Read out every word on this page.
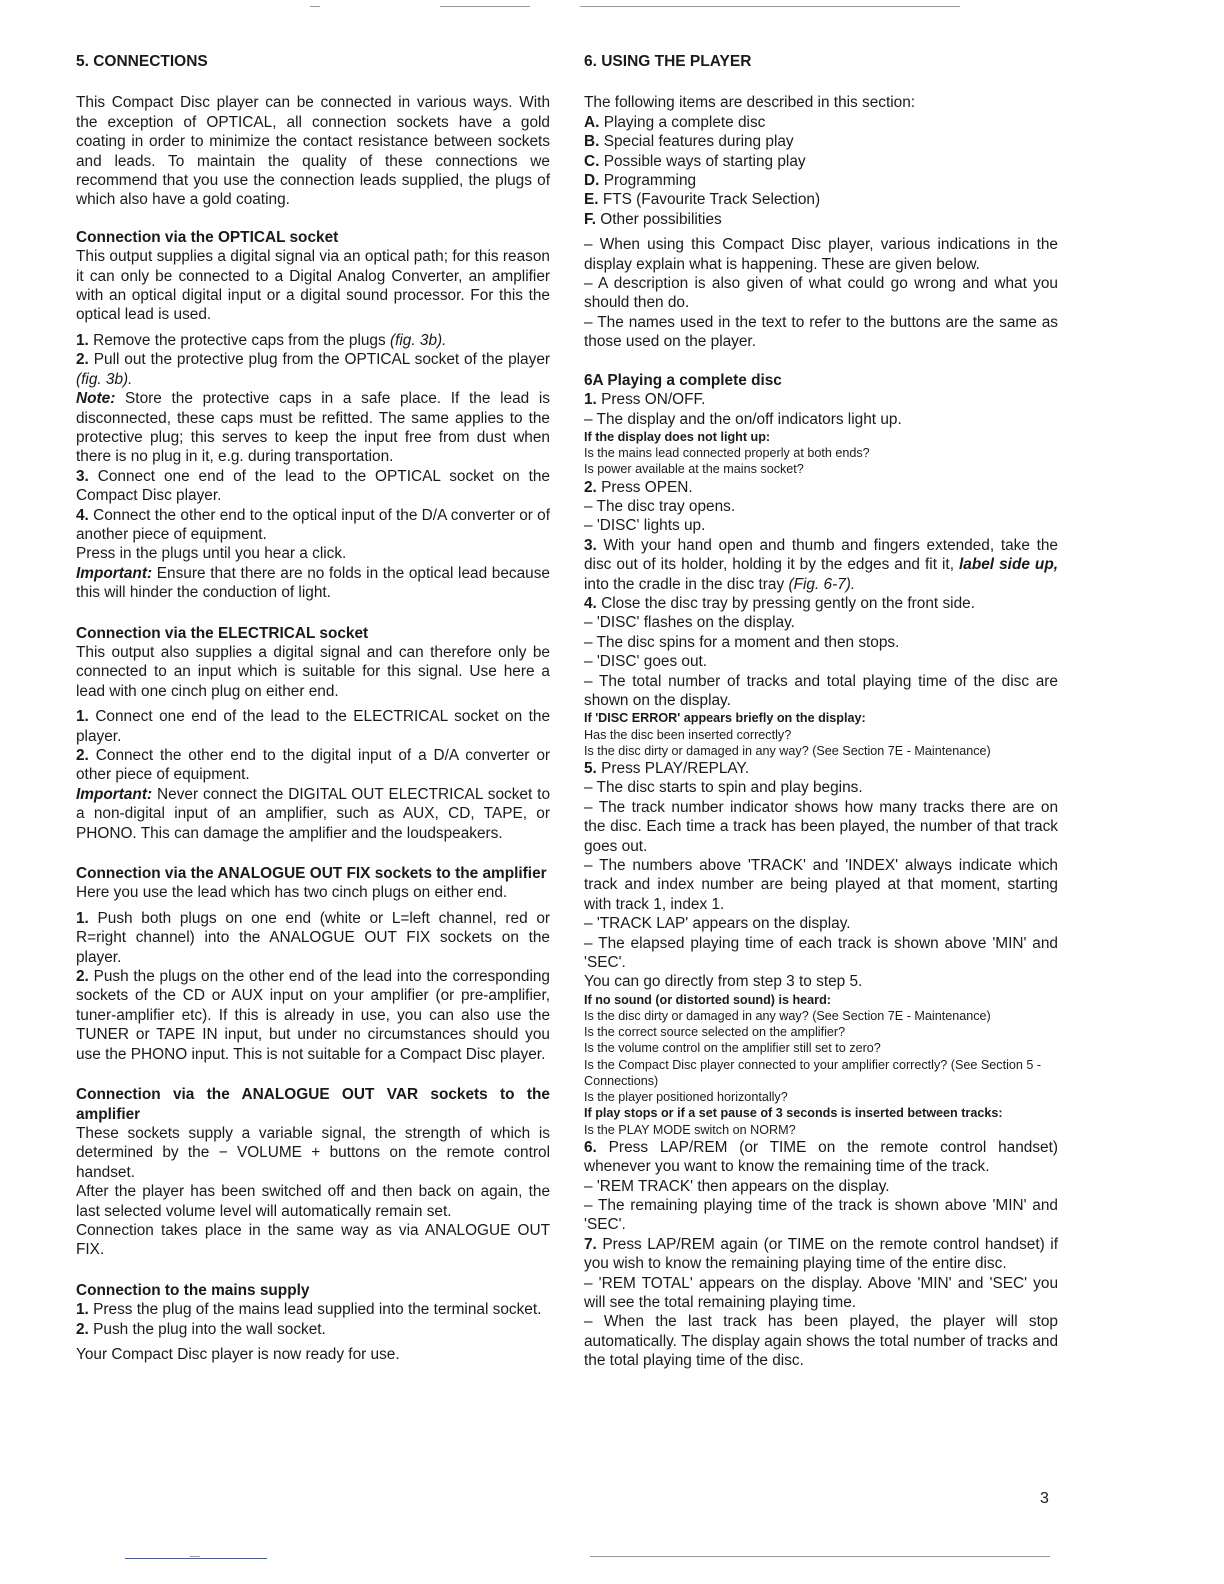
5. CONNECTIONS

This Compact Disc player can be connected in various ways. With the exception of OPTICAL, all connection sockets have a gold coating in order to minimize the contact resistance between sockets and leads. To maintain the quality of these connections we recommend that you use the connection leads supplied, the plugs of which also have a gold coating.

Connection via the OPTICAL socket

This output supplies a digital signal via an optical path; for this reason it can only be connected to a Digital Analog Converter, an amplifier with an optical digital input or a digital sound processor. For this the optical lead is used.

1. Remove the protective caps from the plugs (fig. 3b).

2. Pull out the protective plug from the OPTICAL socket of the player (fig. 3b).

Note: Store the protective caps in a safe place. If the lead is disconnected, these caps must be refitted. The same applies to the protective plug; this serves to keep the input free from dust when there is no plug in it, e.g. during transportation.

3. Connect one end of the lead to the OPTICAL socket on the Compact Disc player.

4. Connect the other end to the optical input of the D/A converter or of another piece of equipment.

Press in the plugs until you hear a click.

Important: Ensure that there are no folds in the optical lead because this will hinder the conduction of light.

Connection via the ELECTRICAL socket

This output also supplies a digital signal and can therefore only be connected to an input which is suitable for this signal. Use here a lead with one cinch plug on either end.

1. Connect one end of the lead to the ELECTRICAL socket on the player.

2. Connect the other end to the digital input of a D/A converter or other piece of equipment.

Important: Never connect the DIGITAL OUT ELECTRICAL socket to a non-digital input of an amplifier, such as AUX, CD, TAPE, or PHONO. This can damage the amplifier and the loudspeakers.

Connection via the ANALOGUE OUT FIX sockets to the amplifier

Here you use the lead which has two cinch plugs on either end.

1. Push both plugs on one end (white or L=left channel, red or R=right channel) into the ANALOGUE OUT FIX sockets on the player.

2. Push the plugs on the other end of the lead into the corresponding sockets of the CD or AUX input on your amplifier (or pre-amplifier, tuner-amplifier etc). If this is already in use, you can also use the TUNER or TAPE IN input, but under no circumstances should you use the PHONO input. This is not suitable for a Compact Disc player.

Connection via the ANALOGUE OUT VAR sockets to the amplifier

These sockets supply a variable signal, the strength of which is determined by the − VOLUME + buttons on the remote control handset.

After the player has been switched off and then back on again, the last selected volume level will automatically remain set.

Connection takes place in the same way as via ANALOGUE OUT FIX.

Connection to the mains supply

1. Press the plug of the mains lead supplied into the terminal socket.

2. Push the plug into the wall socket.

Your Compact Disc player is now ready for use.

6. USING THE PLAYER

The following items are described in this section:

A. Playing a complete disc

B. Special features during play

C. Possible ways of starting play

D. Programming

E. FTS (Favourite Track Selection)

F. Other possibilities

– When using this Compact Disc player, various indications in the display explain what is happening. These are given below.

– A description is also given of what could go wrong and what you should then do.

– The names used in the text to refer to the buttons are the same as those used on the player.

6A Playing a complete disc

1. Press ON/OFF.

– The display and the on/off indicators light up.

If the display does not light up:

Is the mains lead connected properly at both ends?

Is power available at the mains socket?

2. Press OPEN.

– The disc tray opens.

– 'DISC' lights up.

3. With your hand open and thumb and fingers extended, take the disc out of its holder, holding it by the edges and fit it, label side up, into the cradle in the disc tray (Fig. 6-7).

4. Close the disc tray by pressing gently on the front side.

– 'DISC' flashes on the display.

– The disc spins for a moment and then stops.

– 'DISC' goes out.

– The total number of tracks and total playing time of the disc are shown on the display.

If 'DISC ERROR' appears briefly on the display:

Has the disc been inserted correctly?

Is the disc dirty or damaged in any way? (See Section 7E - Maintenance)

5. Press PLAY/REPLAY.

– The disc starts to spin and play begins.

– The track number indicator shows how many tracks there are on the disc. Each time a track has been played, the number of that track goes out.

– The numbers above 'TRACK' and 'INDEX' always indicate which track and index number are being played at that moment, starting with track 1, index 1.

– 'TRACK LAP' appears on the display.

– The elapsed playing time of each track is shown above 'MIN' and 'SEC'.

You can go directly from step 3 to step 5.

If no sound (or distorted sound) is heard:

Is the disc dirty or damaged in any way? (See Section 7E - Maintenance)

Is the correct source selected on the amplifier?

Is the volume control on the amplifier still set to zero?

Is the Compact Disc player connected to your amplifier correctly? (See Section 5 - Connections)

Is the player positioned horizontally?

If play stops or if a set pause of 3 seconds is inserted between tracks:

Is the PLAY MODE switch on NORM?

6. Press LAP/REM (or TIME on the remote control handset) whenever you want to know the remaining time of the track.

– 'REM TRACK' then appears on the display.

– The remaining playing time of the track is shown above 'MIN' and 'SEC'.

7. Press LAP/REM again (or TIME on the remote control handset) if you wish to know the remaining playing time of the entire disc.

– 'REM TOTAL' appears on the display. Above 'MIN' and 'SEC' you will see the total remaining playing time.

– When the last track has been played, the player will stop automatically. The display again shows the total number of tracks and the total playing time of the disc.

3
